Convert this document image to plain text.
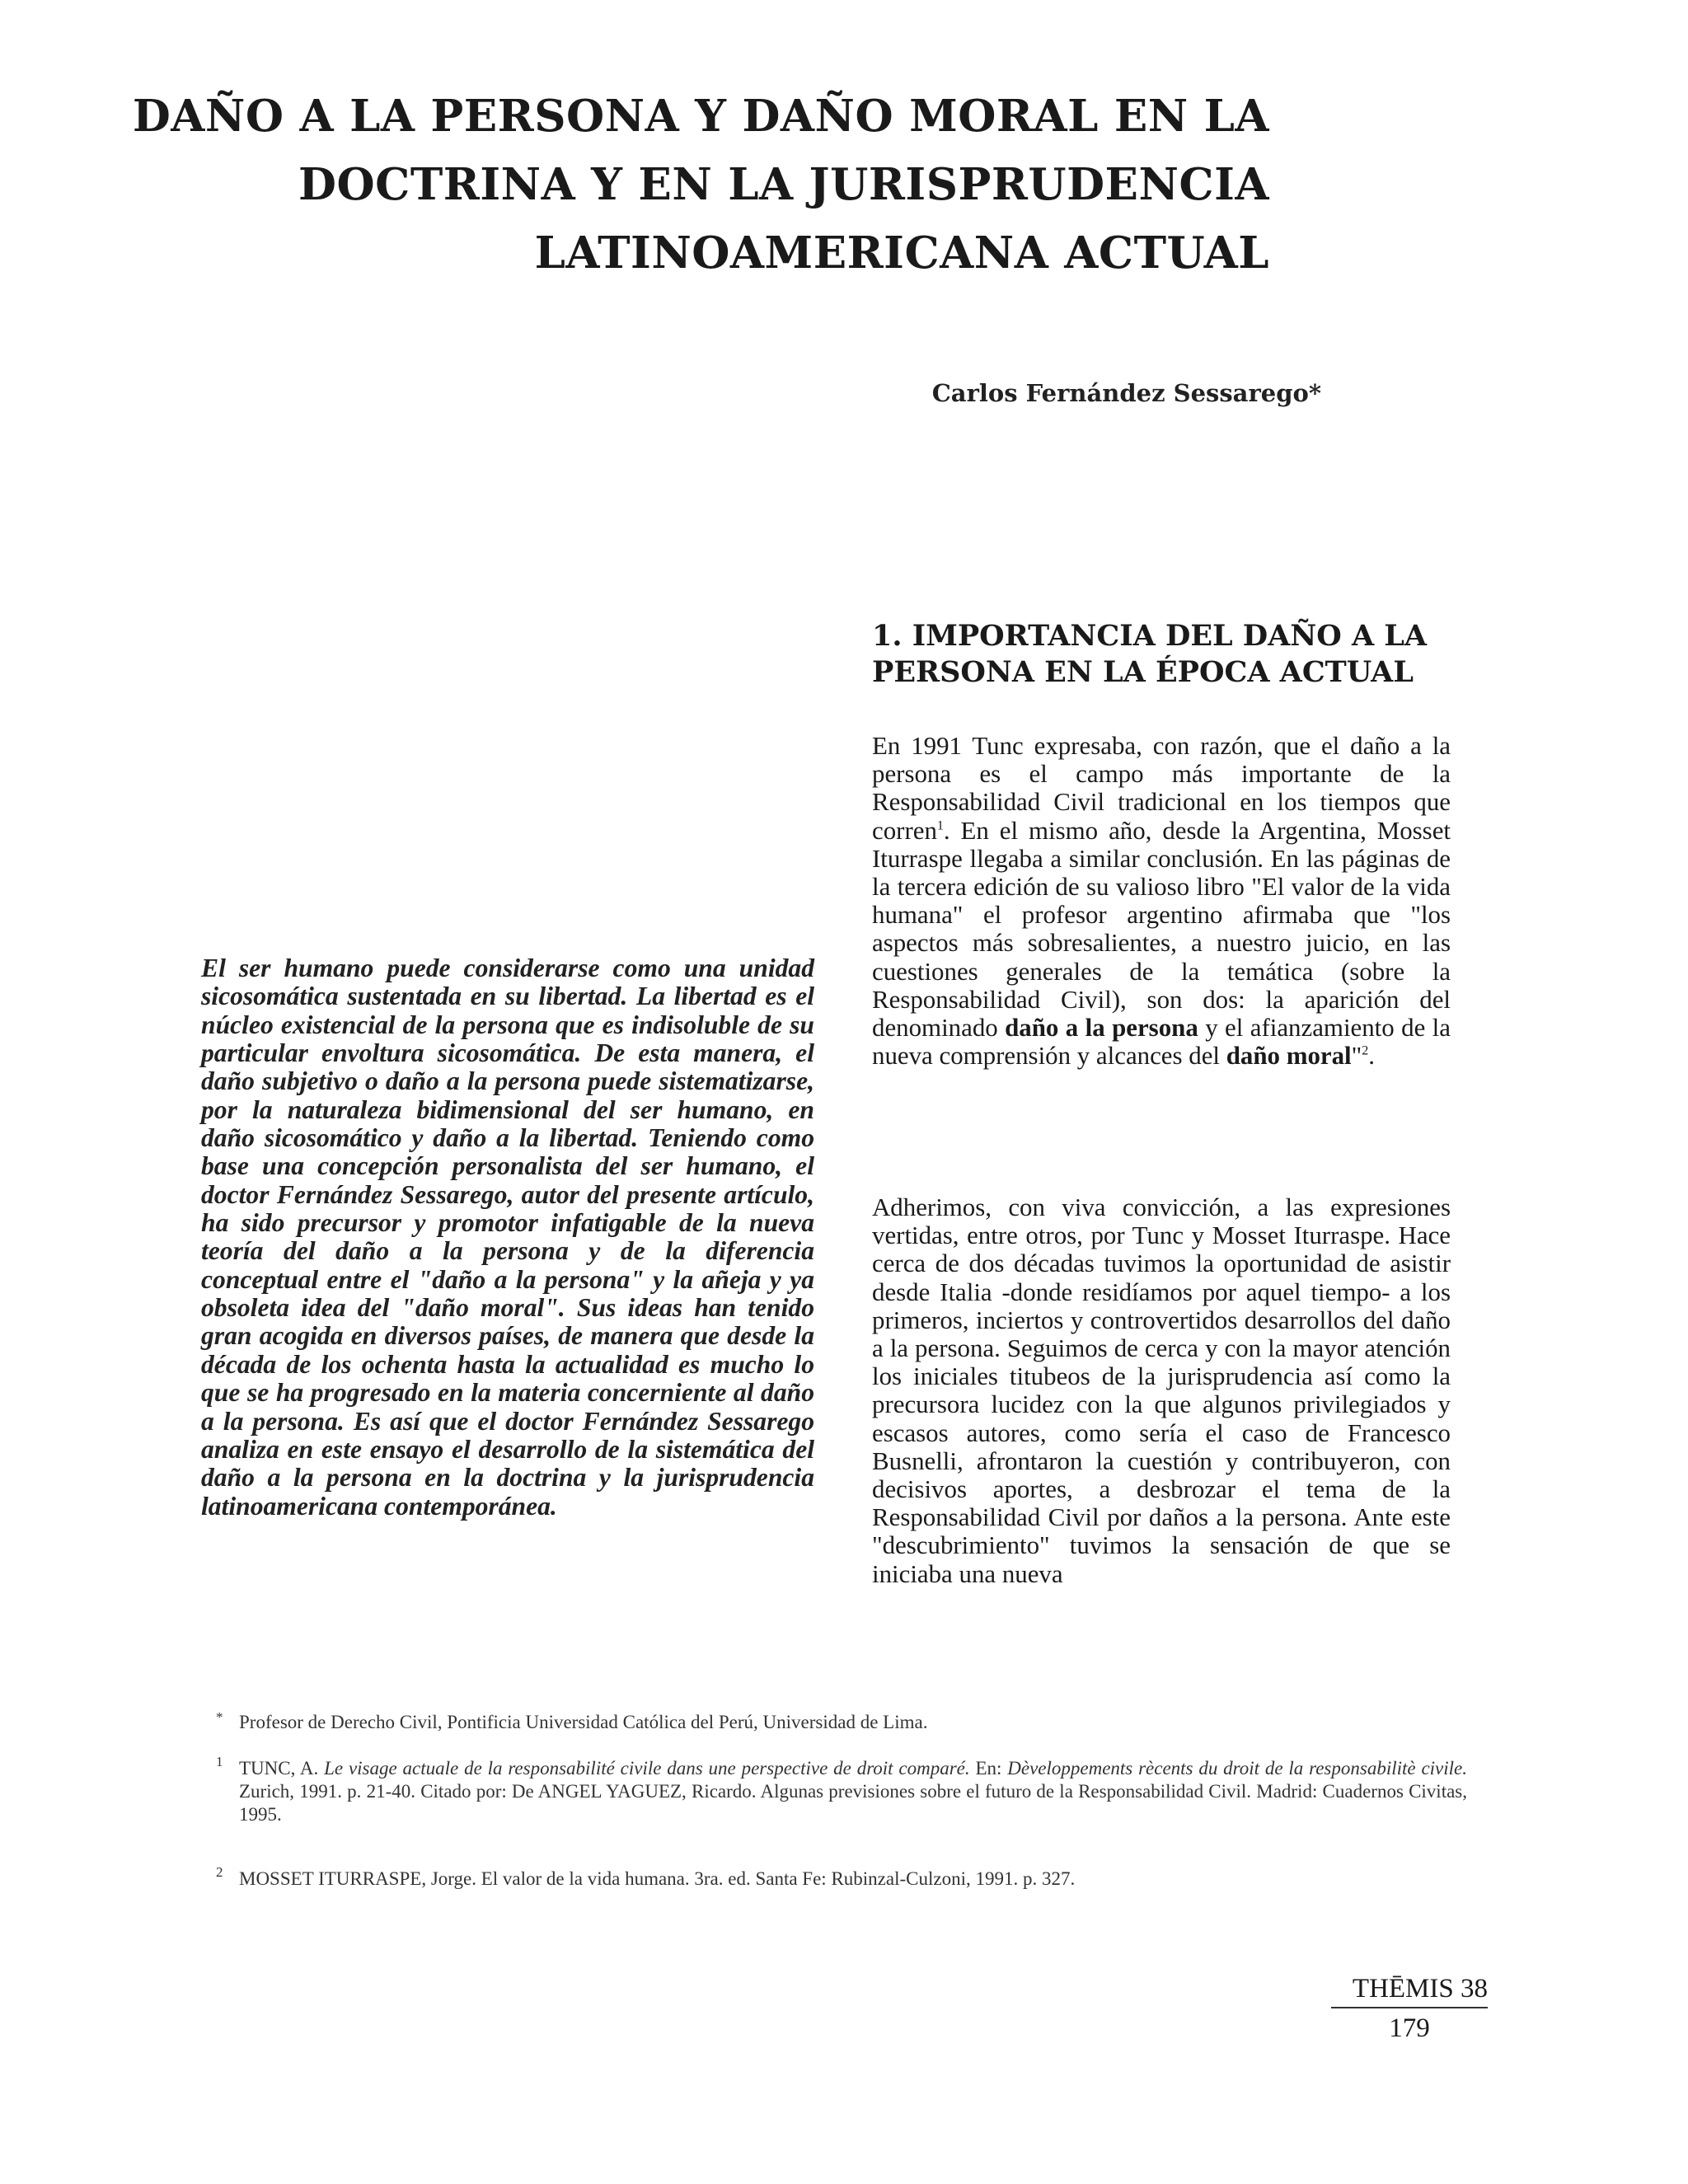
DAÑO A LA PERSONA Y DAÑO MORAL EN LA
DOCTRINA Y EN LA JURISPRUDENCIA
LATINOAMERICANA ACTUAL

Carlos Fernández Sessarego*

1. IMPORTANCIA DEL DAÑO A LA
PERSONA EN LA ÉPOCA ACTUAL

El ser humano puede considerarse como una unidad sicosomática sustentada en su libertad. La libertad es el núcleo existencial de la persona que es indisoluble de su particular envoltura sicosomática. De esta manera, el daño subjetivo o daño a la persona puede sistematizarse, por la naturaleza bidimensional del ser humano, en daño sicosomático y daño a la libertad. Teniendo como base una concepción personalista del ser humano, el doctor Fernández Sessarego, autor del presente artículo, ha sido precursor y promotor infatigable de la nueva teoría del daño a la persona y de la diferencia conceptual entre el "daño a la persona" y la añeja y ya obsoleta idea del "daño moral". Sus ideas han tenido gran acogida en diversos países, de manera que desde la década de los ochenta hasta la actualidad es mucho lo que se ha progresado en la materia concerniente al daño a la persona. Es así que el doctor Fernández Sessarego analiza en este ensayo el desarrollo de la sistemática del daño a la persona en la doctrina y la jurisprudencia latinoamericana contemporánea.

En 1991 Tunc expresaba, con razón, que el daño a la persona es el campo más importante de la Responsabilidad Civil tradicional en los tiempos que corren$^1$. En el mismo año, desde la Argentina, Mosset Iturraspe llegaba a similar conclusión. En las páginas de la tercera edición de su valioso libro "El valor de la vida humana" el profesor argentino afirmaba que "los aspectos más sobresalientes, a nuestro juicio, en las cuestiones generales de la temática (sobre la Responsabilidad Civil), son dos: la aparición del denominado daño a la persona y el afianzamiento de la nueva comprensión y alcances del daño moral"$^2$.

Adherimos, con viva convicción, a las expresiones vertidas, entre otros, por Tunc y Mosset Iturraspe. Hace cerca de dos décadas tuvimos la oportunidad de asistir desde Italia -donde residíamos por aquel tiempo- a los primeros, inciertos y controvertidos desarrollos del daño a la persona. Seguimos de cerca y con la mayor atención los iniciales titubeos de la jurisprudencia así como la precursora lucidez con la que algunos privilegiados y escasos autores, como sería el caso de Francesco Busnelli, afrontaron la cuestión y contribuyeron, con decisivos aportes, a desbrozar el tema de la Responsabilidad Civil por daños a la persona. Ante este "descubrimiento" tuvimos la sensación de que se iniciaba una nueva

* Profesor de Derecho Civil, Pontificia Universidad Católica del Perú, Universidad de Lima.

1 TUNC, A. Le visage actuale de la responsabilité civile dans une perspective de droit comparé. En: Dèveloppements rècents du droit de la responsabilitè civile. Zurich, 1991. p. 21-40. Citado por: De ANGEL YAGUEZ, Ricardo. Algunas previsiones sobre el futuro de la Responsabilidad Civil. Madrid: Cuadernos Civitas, 1995.

2 MOSSET ITURRASPE, Jorge. El valor de la vida humana. 3ra. ed. Santa Fe: Rubinzal-Culzoni, 1991. p. 327.

THĒMIS 38

179
